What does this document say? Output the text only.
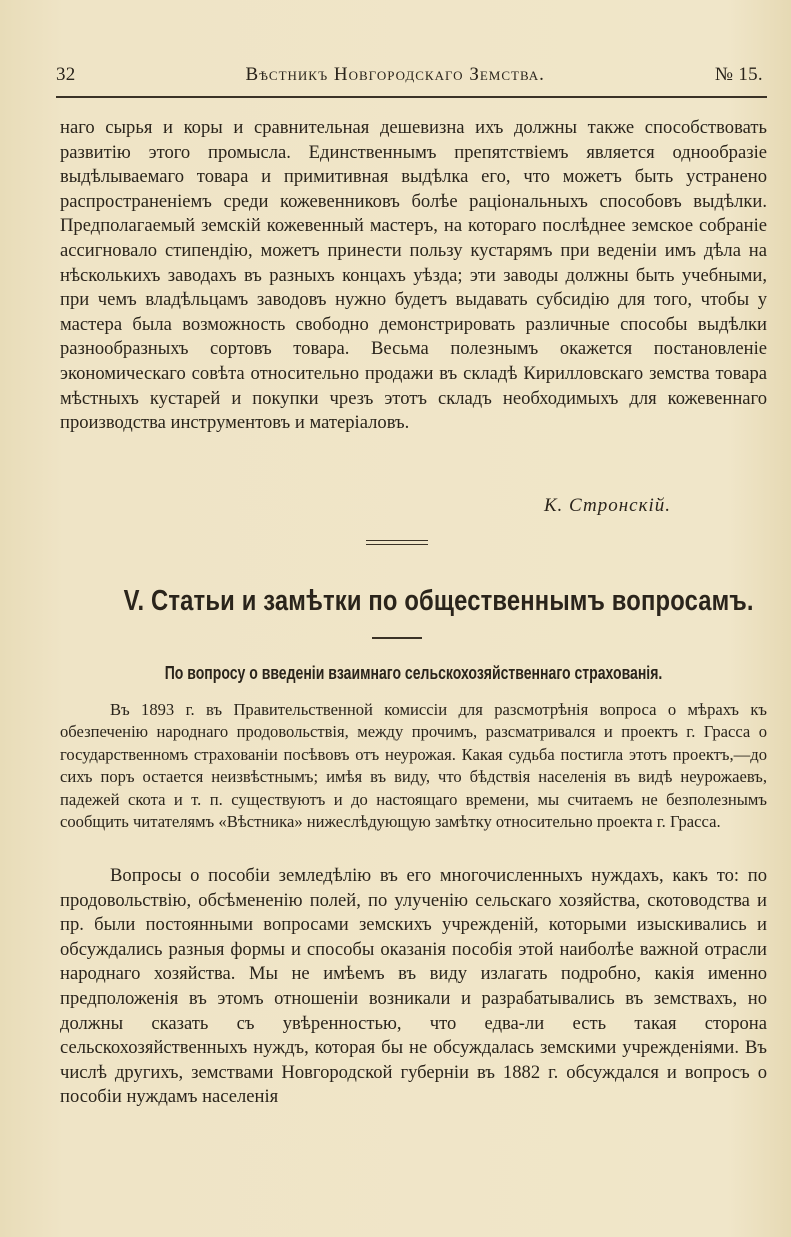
32	Вѣстникъ Новгородскаго Земства.	№ 15.

наго сырья и коры и сравнительная дешевизна ихъ должны также способствовать развитію этого промысла. Единственнымъ препятствіемъ является однообразіе выдѣлываемаго товара и примитивная выдѣлка его, что можетъ быть устранено распространеніемъ среди кожевенниковъ болѣе раціональныхъ способовъ выдѣлки. Предполагаемый земскій кожевенный мастеръ, на котораго послѣднее земское собраніе ассигновало стипендію, можетъ принести пользу кустарямъ при веденіи имъ дѣла на нѣсколькихъ заводахъ въ разныхъ концахъ уѣзда; эти заводы должны быть учебными, при чемъ владѣльцамъ заводовъ нужно будетъ выдавать субсидію для того, чтобы у мастера была возможность свободно демонстрировать различные способы выдѣлки разнообразныхъ сортовъ товара. Весьма полезнымъ окажется постановленіе экономическаго совѣта относительно продажи въ складѣ Кирилловскаго земства товара мѣстныхъ кустарей и покупки чрезъ этотъ складъ необходимыхъ для кожевеннаго производства инструментовъ и матеріаловъ.

К. Стронскій.
V. Статьи и замѣтки по общественнымъ вопросамъ.
По вопросу о введеніи взаимнаго сельскохозяйственнаго страхованія.

Въ 1893 г. въ Правительственной комиссіи для разсмотрѣнія вопроса о мѣрахъ къ обезпеченію народнаго продовольствія, между прочимъ, разсматривался и проектъ г. Грасса о государственномъ страхованіи посѣвовъ отъ неурожая. Какая судьба постигла этотъ проектъ,—до сихъ поръ остается неизвѣстнымъ; имѣя въ виду, что бѣдствія населенія въ видѣ неурожаевъ, падежей скота и т. п. существуютъ и до настоящаго времени, мы считаемъ не безполезнымъ сообщить читателямъ «Вѣстника» нижеслѣдующую замѣтку относительно проекта г. Грасса.

Вопросы о пособіи земледѣлію въ его многочисленныхъ нуждахъ, какъ то: по продовольствію, обсѣмененію полей, по улученію сельскаго хозяйства, скотоводства и пр. были постоянными вопросами земскихъ учрежденій, которыми изыскивались и обсуждались разныя формы и способы оказанія пособія этой наиболѣе важной отрасли народнаго хозяйства. Мы не имѣемъ въ виду излагать подробно, какія именно предположенія въ этомъ отношеніи возникали и разрабатывались въ земствахъ, но должны сказать съ увѣренностью, что едва-ли есть такая сторона сельскохозяйственныхъ нуждъ, которая бы не обсуждалась земскими учрежденіями. Въ числѣ другихъ, земствами Новгородской губерніи въ 1882 г. обсуждался и вопросъ о пособіи нуждамъ населенія
